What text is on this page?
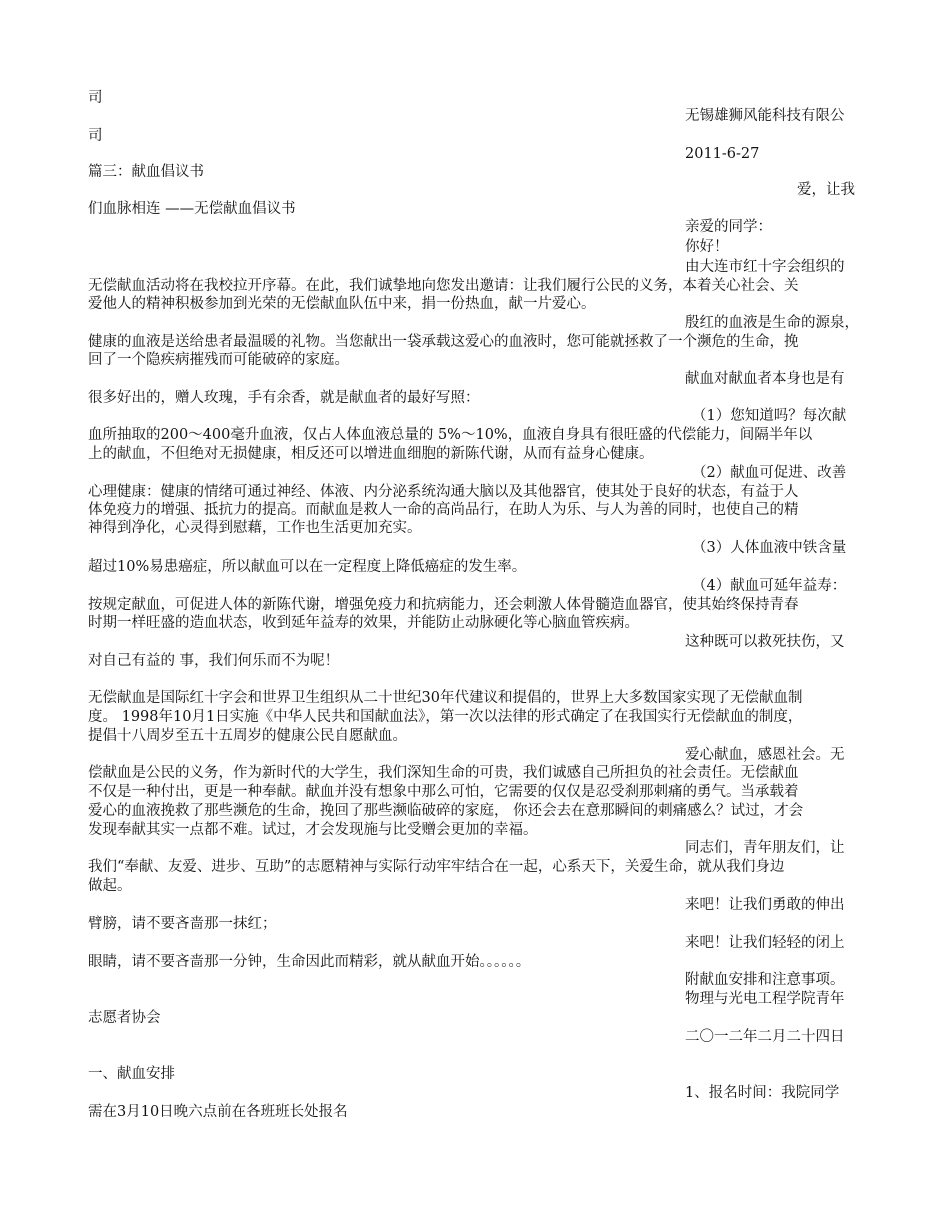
司
无锡雄狮风能科技有限公
司
2011-6-27
篇三：献血倡议书
爱，让我
们血脉相连 ——无偿献血倡议书
亲爱的同学：
你好！
由大连市红十字会组织的
无偿献血活动将在我校拉开序幕。在此，我们诚挚地向您发出邀请：让我们履行公民的义务，本着关心社会、关
爱他人的精神积极参加到光荣的无偿献血队伍中来，捐一份热血，献一片爱心。
殷红的血液是生命的源泉，
健康的血液是送给患者最温暖的礼物。当您献出一袋承载这爱心的血液时，您可能就拯救了一个濒危的生命，挽
回了一个隐疾病摧残而可能破碎的家庭。
献血对献血者本身也是有
很多好出的，赠人玫瑰，手有余香，就是献血者的最好写照：
（1）您知道吗？每次献
血所抽取的200～400毫升血液，仅占人体血液总量的 5%～10%，血液自身具有很旺盛的代偿能力，间隔半年以
上的献血，不但绝对无损健康，相反还可以增进血细胞的新陈代谢，从而有益身心健康。
（2）献血可促进、改善
心理健康：健康的情绪可通过神经、体液、内分泌系统沟通大脑以及其他器官，使其处于良好的状态，有益于人
体免疫力的增强、抵抗力的提高。而献血是救人一命的高尚品行，在助人为乐、与人为善的同时，也使自己的精
神得到净化，心灵得到慰藉，工作也生活更加充实。
（3）人体血液中铁含量
超过10%易患癌症，所以献血可以在一定程度上降低癌症的发生率。
（4）献血可延年益寿：
按规定献血，可促进人体的新陈代谢，增强免疫力和抗病能力，还会刺激人体骨髓造血器官，使其始终保持青春
时期一样旺盛的造血状态，收到延年益寿的效果，并能防止动脉硬化等心脑血管疾病。
这种既可以救死扶伤，又
对自己有益的 事，我们何乐而不为呢！
无偿献血是国际红十字会和世界卫生组织从二十世纪30年代建议和提倡的，世界上大多数国家实现了无偿献血制
度。 1998年10月1日实施《中华人民共和国献血法》，第一次以法律的形式确定了在我国实行无偿献血的制度，
提倡十八周岁至五十五周岁的健康公民自愿献血。
爱心献血，感恩社会。无
偿献血是公民的义务，作为新时代的大学生，我们深知生命的可贵，我们诚感自己所担负的社会责任。无偿献血
不仅是一种付出，更是一种奉献。献血并没有想象中那么可怕，它需要的仅仅是忍受刹那刺痛的勇气。当承载着
爱心的血液挽救了那些濒危的生命，挽回了那些濒临破碎的家庭， 你还会去在意那瞬间的刺痛感么？试过，才会
发现奉献其实一点都不难。试过，才会发现施与比受赠会更加的幸福。
同志们，青年朋友们，让
我们“奉献、友爱、进步、互助”的志愿精神与实际行动牢牢结合在一起，心系天下，关爱生命，就从我们身边
做起。
来吧！让我们勇敢的伸出
臂膀，请不要吝啬那一抹红；
来吧！让我们轻轻的闭上
眼睛，请不要吝啬那一分钟，生命因此而精彩，就从献血开始。。。。。。
附献血安排和注意事项。
物理与光电工程学院青年
志愿者协会
二〇一二年二月二十四日
一、献血安排
1、报名时间：我院同学
需在3月10日晚六点前在各班班长处报名
